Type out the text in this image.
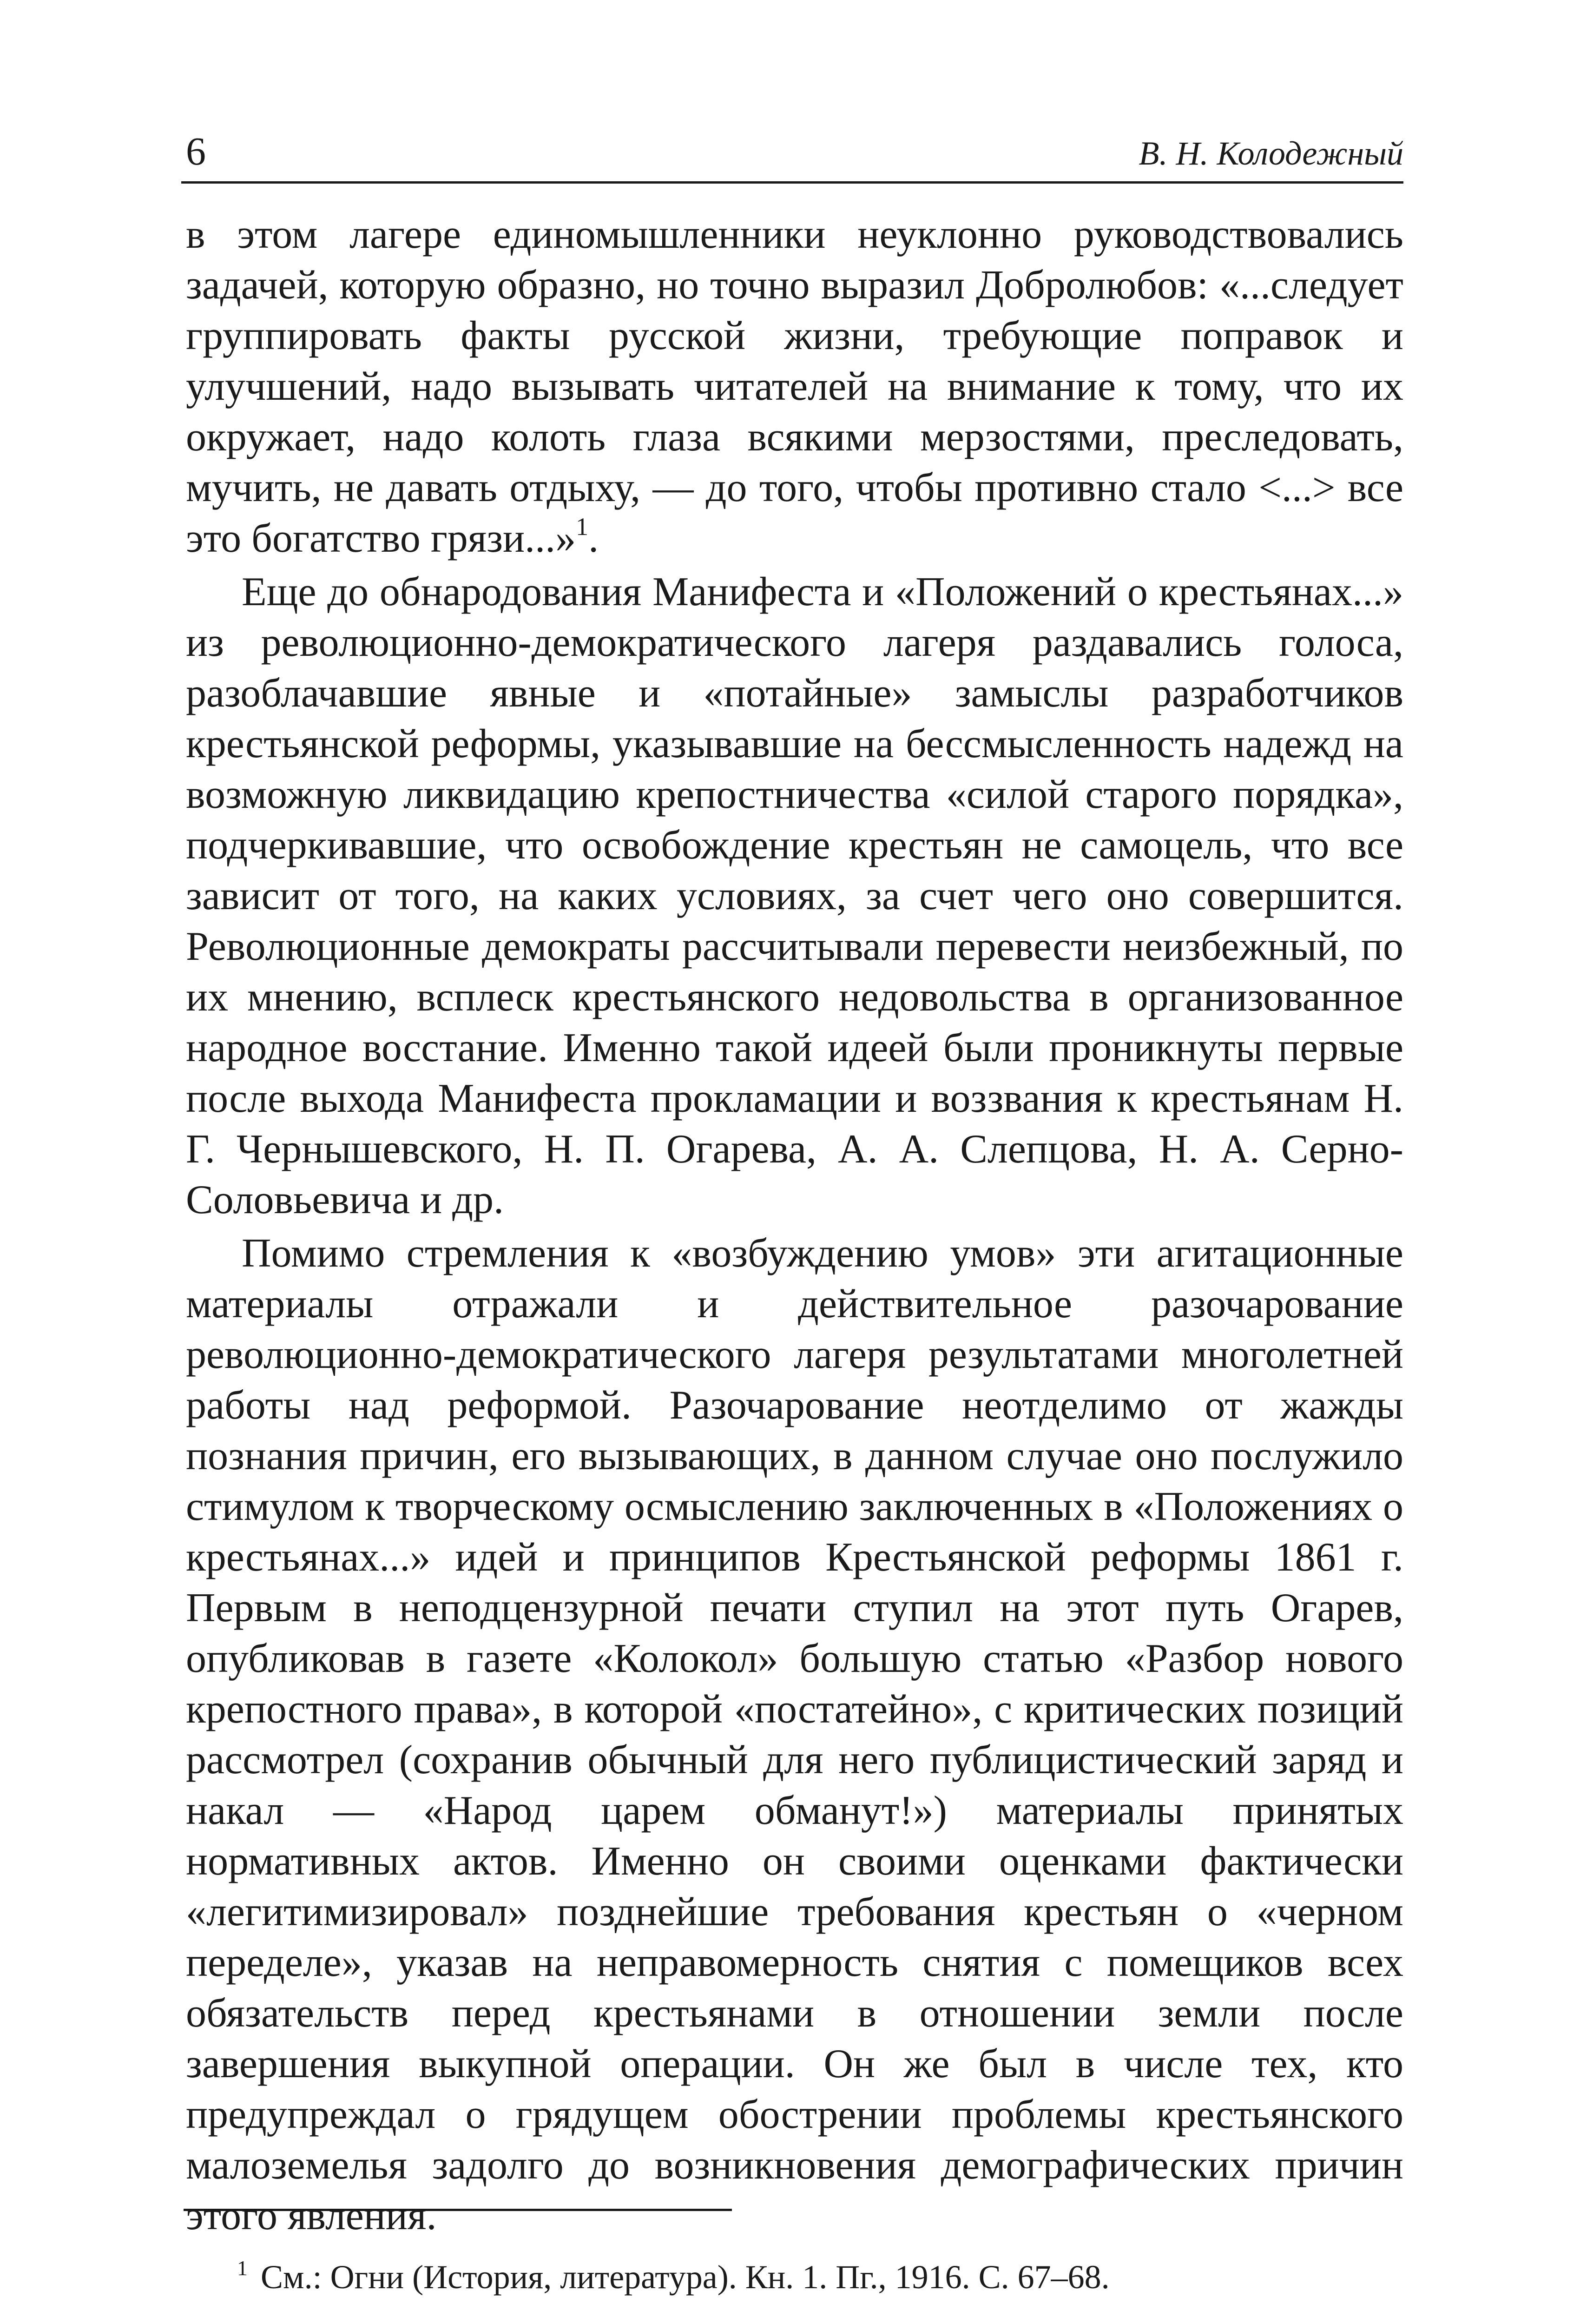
6	В. Н. Колодежный

в этом лагере единомышленники неуклонно руководствовались задачей, которую образно, но точно выразил Добролюбов: «...следует группировать факты русской жизни, требующие поправок и улучшений, надо вызывать читателей на внимание к тому, что их окружает, надо колоть глаза всякими мерзостями, преследовать, мучить, не давать отдыху, — до того, чтобы противно стало <...> все это богатство грязи...»$^1$.

Еще до обнародования Манифеста и «Положений о крестьянах...» из революционно-демократического лагеря раздавались голоса, разоблачавшие явные и «потайные» замыслы разработчиков крестьянской реформы, указывавшие на бессмысленность надежд на возможную ликвидацию крепостничества «силой старого порядка», подчеркивавшие, что освобождение крестьян не самоцель, что все зависит от того, на каких условиях, за счет чего оно совершится. Революционные демократы рассчитывали перевести неизбежный, по их мнению, всплеск крестьянского недовольства в организованное народное восстание. Именно такой идеей были проникнуты первые после выхода Манифеста прокламации и воззвания к крестьянам Н. Г. Чернышевского, Н. П. Огарева, А. А. Слепцова, Н. А. Серно-Соловьевича и др.

Помимо стремления к «возбуждению умов» эти агитационные материалы отражали и действительное разочарование революционно-демократического лагеря результатами многолетней работы над реформой. Разочарование неотделимо от жажды познания причин, его вызывающих, в данном случае оно послужило стимулом к творческому осмыслению заключенных в «Положениях о крестьянах...» идей и принципов Крестьянской реформы 1861 г. Первым в неподцензурной печати ступил на этот путь Огарев, опубликовав в газете «Колокол» большую статью «Разбор нового крепостного права», в которой «постатейно», с критических позиций рассмотрел (сохранив обычный для него публицистический заряд и накал — «Народ царем обманут!») материалы принятых нормативных актов. Именно он своими оценками фактически «легитимизировал» позднейшие требования крестьян о «черном переделе», указав на неправомерность снятия с помещиков всех обязательств перед крестьянами в отношении земли после завершения выкупной операции. Он же был в числе тех, кто предупреждал о грядущем обострении проблемы крестьянского малоземелья задолго до возникновения демографических причин этого явления.

$^1$ См.: Огни (История, литература). Кн. 1. Пг., 1916. С. 67–68.
